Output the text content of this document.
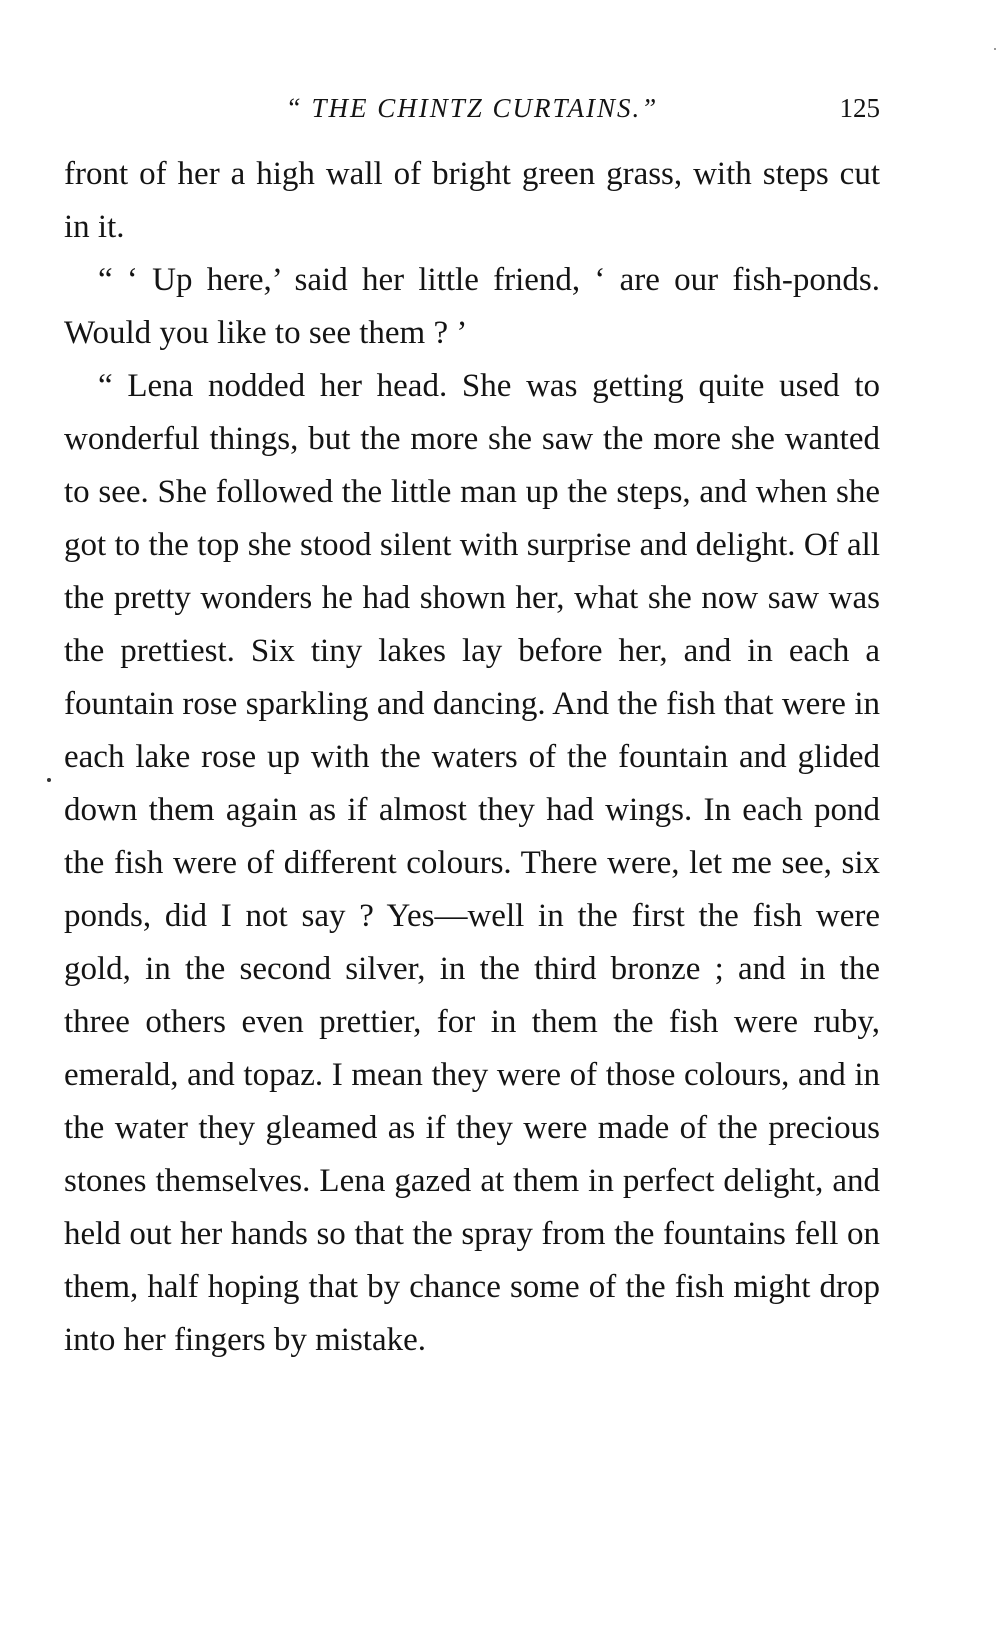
“ THE CHINTZ CURTAINS.”	125

front of her a high wall of bright green grass, with steps cut in it.

“ ‘ Up here,’ said her little friend, ‘ are our fish-ponds. Would you like to see them ? ’

“ Lena nodded her head. She was getting quite used to wonderful things, but the more she saw the more she wanted to see. She followed the little man up the steps, and when she got to the top she stood silent with surprise and delight. Of all the pretty wonders he had shown her, what she now saw was the prettiest. Six tiny lakes lay before her, and in each a fountain rose sparkling and dancing. And the fish that were in each lake rose up with the waters of the fountain and glided down them again as if almost they had wings. In each pond the fish were of different colours. There were, let me see, six ponds, did I not say ? Yes—well in the first the fish were gold, in the second silver, in the third bronze ; and in the three others even prettier, for in them the fish were ruby, emerald, and topaz. I mean they were of those colours, and in the water they gleamed as if they were made of the precious stones themselves. Lena gazed at them in perfect delight, and held out her hands so that the spray from the fountains fell on them, half hoping that by chance some of the fish might drop into her fingers by mistake.
